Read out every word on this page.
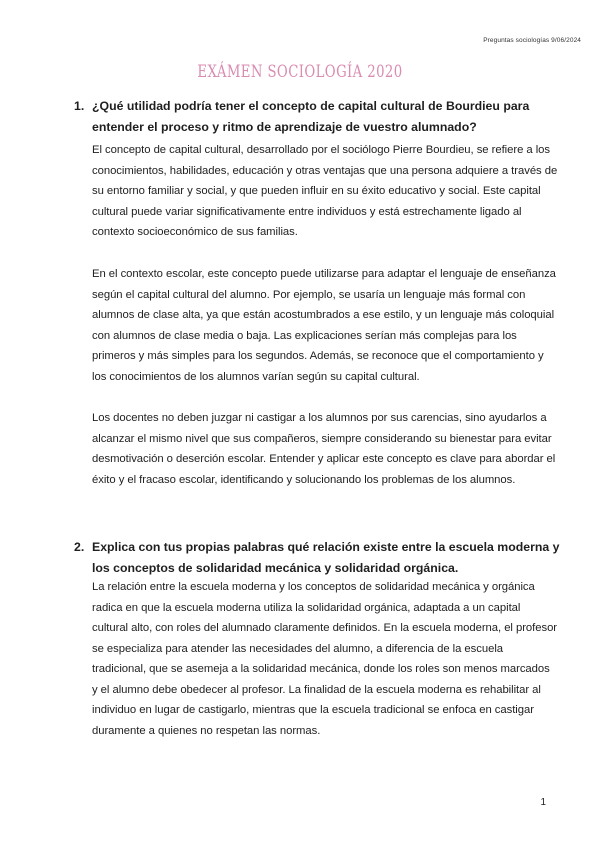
Preguntas sociologías 9/06/2024
EXÁMEN SOCIOLOGÍA 2020
1. ¿Qué utilidad podría tener el concepto de capital cultural de Bourdieu para entender el proceso y ritmo de aprendizaje de vuestro alumnado?
El concepto de capital cultural, desarrollado por el sociólogo Pierre Bourdieu, se refiere a los conocimientos, habilidades, educación y otras ventajas que una persona adquiere a través de su entorno familiar y social, y que pueden influir en su éxito educativo y social. Este capital cultural puede variar significativamente entre individuos y está estrechamente ligado al contexto socioeconómico de sus familias.
En el contexto escolar, este concepto puede utilizarse para adaptar el lenguaje de enseñanza según el capital cultural del alumno. Por ejemplo, se usaría un lenguaje más formal con alumnos de clase alta, ya que están acostumbrados a ese estilo, y un lenguaje más coloquial con alumnos de clase media o baja. Las explicaciones serían más complejas para los primeros y más simples para los segundos. Además, se reconoce que el comportamiento y los conocimientos de los alumnos varían según su capital cultural.
Los docentes no deben juzgar ni castigar a los alumnos por sus carencias, sino ayudarlos a alcanzar el mismo nivel que sus compañeros, siempre considerando su bienestar para evitar desmotivación o deserción escolar. Entender y aplicar este concepto es clave para abordar el éxito y el fracaso escolar, identificando y solucionando los problemas de los alumnos.
2. Explica con tus propias palabras qué relación existe entre la escuela moderna y los conceptos de solidaridad mecánica y solidaridad orgánica.
La relación entre la escuela moderna y los conceptos de solidaridad mecánica y orgánica radica en que la escuela moderna utiliza la solidaridad orgánica, adaptada a un capital cultural alto, con roles del alumnado claramente definidos. En la escuela moderna, el profesor se especializa para atender las necesidades del alumno, a diferencia de la escuela tradicional, que se asemeja a la solidaridad mecánica, donde los roles son menos marcados y el alumno debe obedecer al profesor. La finalidad de la escuela moderna es rehabilitar al individuo en lugar de castigarlo, mientras que la escuela tradicional se enfoca en castigar duramente a quienes no respetan las normas.
1
